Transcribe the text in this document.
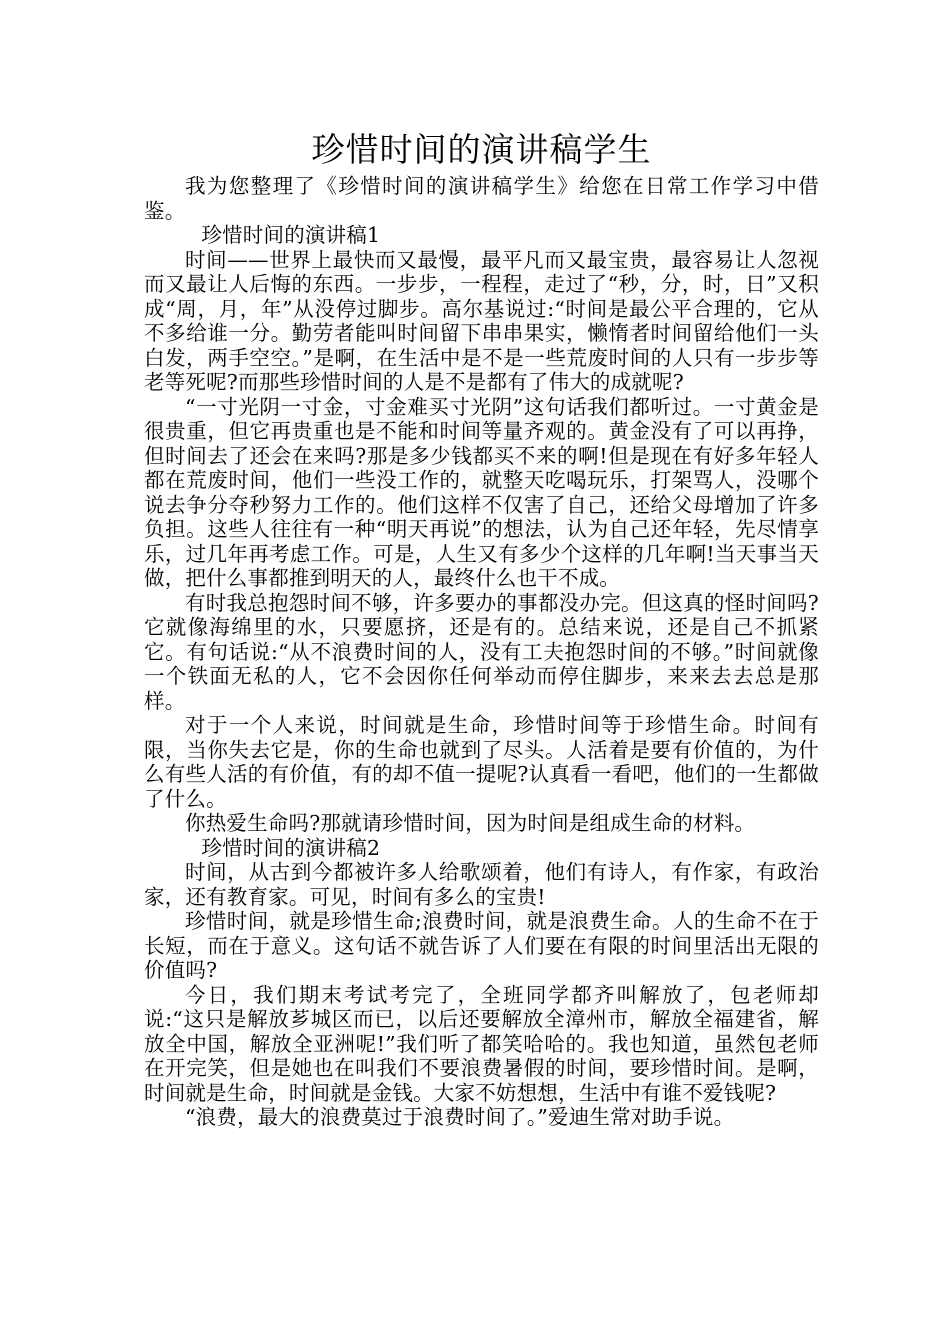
珍惜时间的演讲稿学生

我为您整理了《珍惜时间的演讲稿学生》给您在日常工作学习中借鉴。

珍惜时间的演讲稿1

时间——世界上最快而又最慢，最平凡而又最宝贵，最容易让人忽视而又最让人后悔的东西。一步步，一程程，走过了“秒，分，时，日”又积成“周，月，年”从没停过脚步。高尔基说过:“时间是最公平合理的，它从不多给谁一分。勤劳者能叫时间留下串串果实，懒惰者时间留给他们一头白发，两手空空。”是啊，在生活中是不是一些荒废时间的人只有一步步等老等死呢?而那些珍惜时间的人是不是都有了伟大的成就呢?

“一寸光阴一寸金，寸金难买寸光阴”这句话我们都听过。一寸黄金是很贵重，但它再贵重也是不能和时间等量齐观的。黄金没有了可以再挣，但时间去了还会在来吗?那是多少钱都买不来的啊!但是现在有好多年轻人都在荒废时间，他们一些没工作的，就整天吃喝玩乐，打架骂人，没哪个说去争分夺秒努力工作的。他们这样不仅害了自己，还给父母增加了许多负担。这些人往往有一种“明天再说”的想法，认为自己还年轻，先尽情享乐，过几年再考虑工作。可是，人生又有多少个这样的几年啊!当天事当天做，把什么事都推到明天的人，最终什么也干不成。

有时我总抱怨时间不够，许多要办的事都没办完。但这真的怪时间吗?它就像海绵里的水，只要愿挤，还是有的。总结来说，还是自己不抓紧它。有句话说:“从不浪费时间的人，没有工夫抱怨时间的不够。”时间就像一个铁面无私的人，它不会因你任何举动而停住脚步，来来去去总是那样。

对于一个人来说，时间就是生命，珍惜时间等于珍惜生命。时间有限，当你失去它是，你的生命也就到了尽头。人活着是要有价值的，为什么有些人活的有价值，有的却不值一提呢?认真看一看吧，他们的一生都做了什么。

你热爱生命吗?那就请珍惜时间，因为时间是组成生命的材料。

珍惜时间的演讲稿2

时间，从古到今都被许多人给歌颂着，他们有诗人，有作家，有政治家，还有教育家。可见，时间有多么的宝贵!

珍惜时间，就是珍惜生命;浪费时间，就是浪费生命。人的生命不在于长短，而在于意义。这句话不就告诉了人们要在有限的时间里活出无限的价值吗?

今日，我们期末考试考完了，全班同学都齐叫解放了，包老师却说:“这只是解放芗城区而已，以后还要解放全漳州市，解放全福建省，解放全中国，解放全亚洲呢!”我们听了都笑哈哈的。我也知道，虽然包老师在开完笑，但是她也在叫我们不要浪费暑假的时间，要珍惜时间。是啊，时间就是生命，时间就是金钱。大家不妨想想，生活中有谁不爱钱呢?

“浪费，最大的浪费莫过于浪费时间了。”爱迪生常对助手说。
